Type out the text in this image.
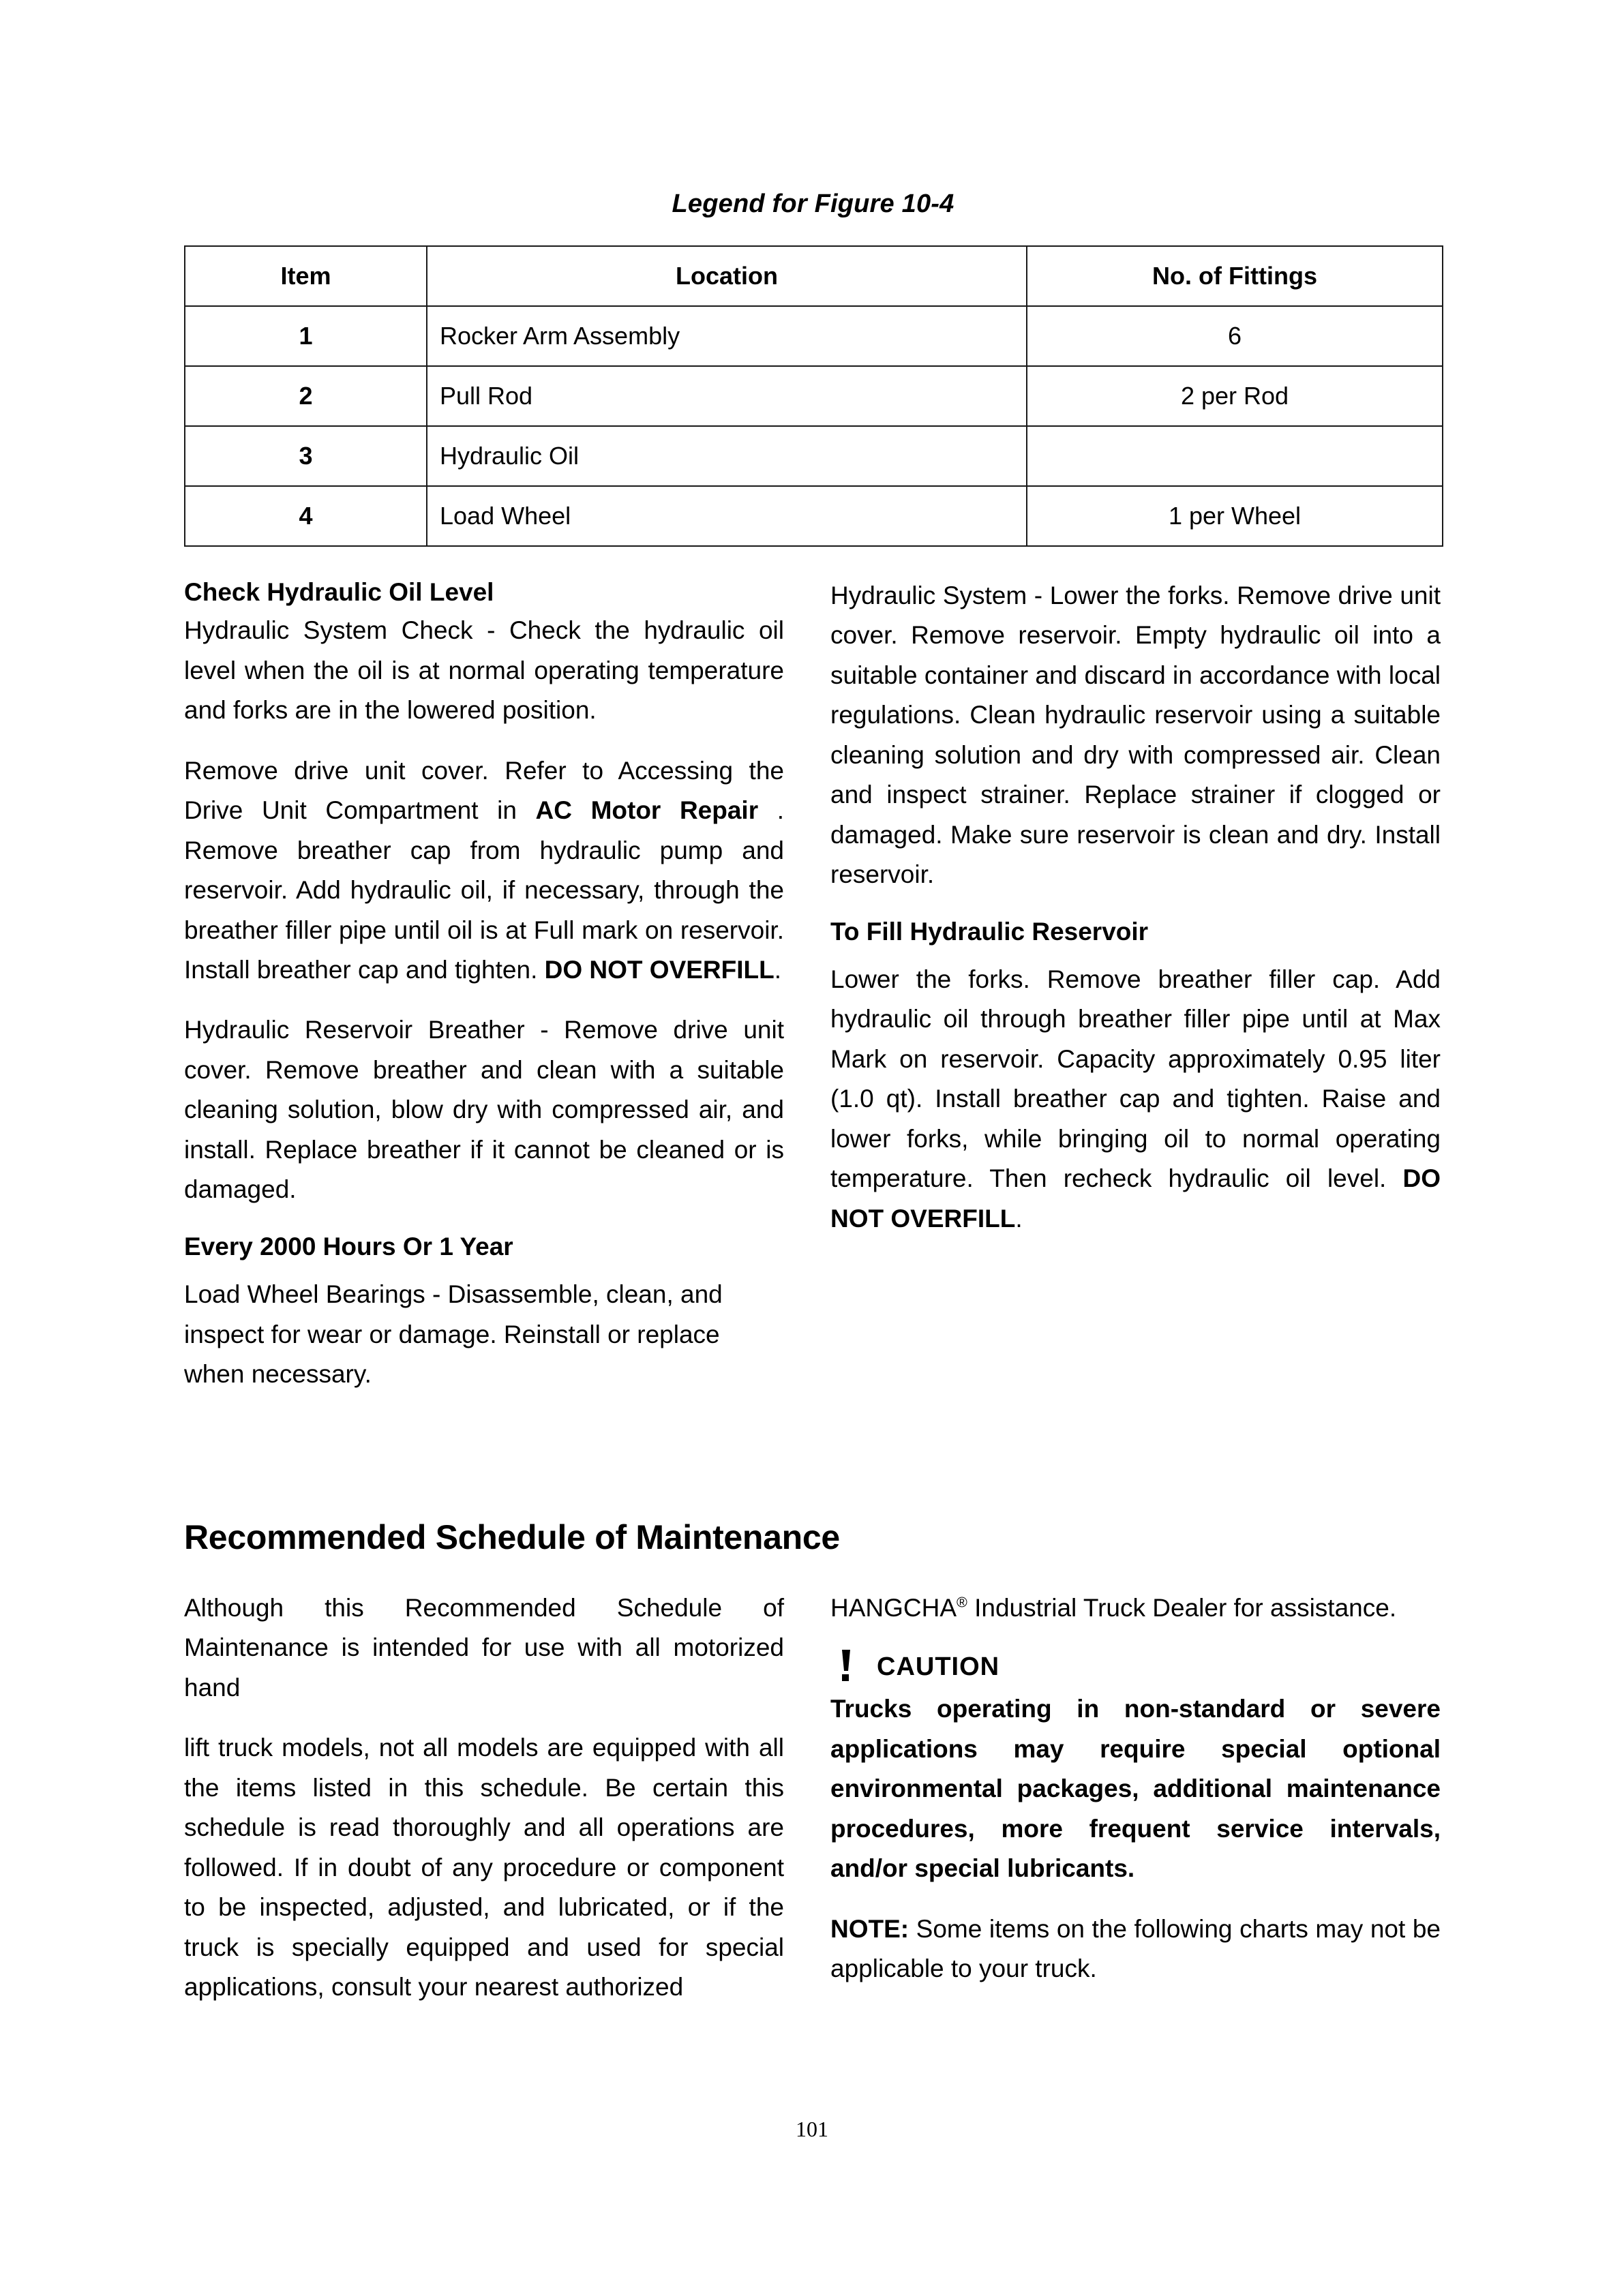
Legend for Figure 10-4
Item	Location	No. of Fittings
1	Rocker Arm Assembly	6
2	Pull Rod	2 per Rod
3	Hydraulic Oil	
4	Load Wheel	1 per Wheel
Check Hydraulic Oil Level

Hydraulic System Check - Check the hydraulic oil level when the oil is at normal operating temperature and forks are in the lowered position.

Remove drive unit cover. Refer to Accessing the Drive Unit Compartment in AC Motor Repair . Remove breather cap from hydraulic pump and reservoir. Add hydraulic oil, if necessary, through the breather filler pipe until oil is at Full mark on reservoir. Install breather cap and tighten. DO NOT OVERFILL.

Hydraulic Reservoir Breather - Remove drive unit cover. Remove breather and clean with a suitable cleaning solution, blow dry with compressed air, and install. Replace breather if it cannot be cleaned or is damaged.

Every 2000 Hours Or 1 Year

Load Wheel Bearings - Disassemble, clean, and inspect for wear or damage. Reinstall or replace when necessary.

Hydraulic System - Lower the forks. Remove drive unit cover. Remove reservoir. Empty hydraulic oil into a suitable container and discard in accordance with local regulations. Clean hydraulic reservoir using a suitable cleaning solution and dry with compressed air. Clean and inspect strainer. Replace strainer if clogged or damaged. Make sure reservoir is clean and dry. Install reservoir.

To Fill Hydraulic Reservoir

Lower the forks. Remove breather filler cap. Add hydraulic oil through breather filler pipe until at Max Mark on reservoir. Capacity approximately 0.95 liter (1.0 qt). Install breather cap and tighten. Raise and lower forks, while bringing oil to normal operating temperature. Then recheck hydraulic oil level. DO NOT OVERFILL.

Recommended Schedule of Maintenance

Although this Recommended Schedule of Maintenance is intended for use with all motorized hand

lift truck models, not all models are equipped with all the items listed in this schedule. Be certain this schedule is read thoroughly and all operations are followed. If in doubt of any procedure or component to be inspected, adjusted, and lubricated, or if the truck is specially equipped and used for special applications, consult your nearest authorized

HANGCHA® Industrial Truck Dealer for assistance.

CAUTION

Trucks operating in non-standard or severe applications may require special optional environmental packages, additional maintenance procedures, more frequent service intervals, and/or special lubricants.

NOTE: Some items on the following charts may not be applicable to your truck.

101
